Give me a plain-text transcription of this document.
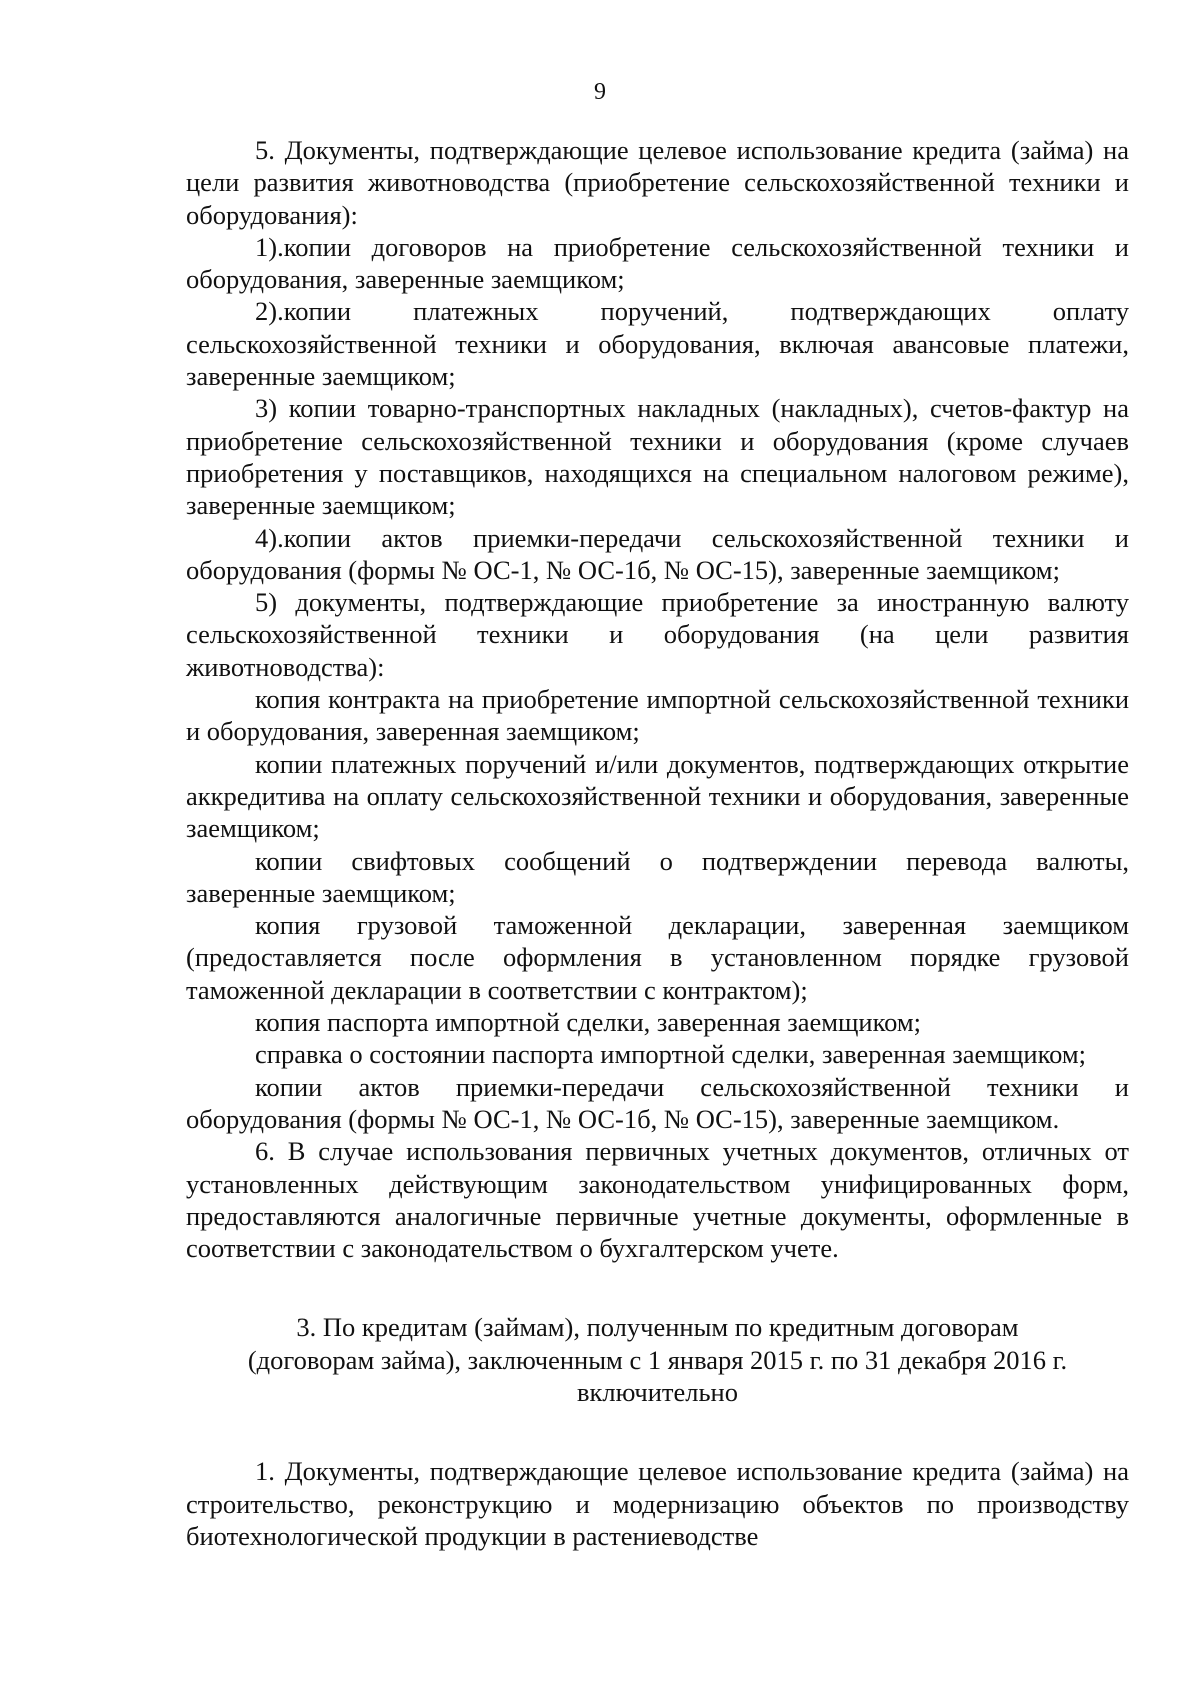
9

5. Документы, подтверждающие целевое использование кредита (займа) на цели развития животноводства (приобретение сельскохозяйственной техники и оборудования):

1).копии договоров на приобретение сельскохозяйственной техники и оборудования, заверенные заемщиком;

2).копии платежных поручений, подтверждающих оплату сельскохозяйственной техники и оборудования, включая авансовые платежи, заверенные заемщиком;

3) копии товарно-транспортных накладных (накладных), счетов-фактур на приобретение сельскохозяйственной техники и оборудования (кроме случаев приобретения у поставщиков, находящихся на специальном налоговом режиме), заверенные заемщиком;

4).копии актов приемки-передачи сельскохозяйственной техники и оборудования (формы № ОС-1, № ОС-1б, № ОС-15), заверенные заемщиком;

5) документы, подтверждающие приобретение за иностранную валюту сельскохозяйственной техники и оборудования (на цели развития животноводства):

копия контракта на приобретение импортной сельскохозяйственной техники и оборудования, заверенная заемщиком;

копии платежных поручений и/или документов, подтверждающих открытие аккредитива на оплату сельскохозяйственной техники и оборудования, заверенные заемщиком;

копии свифтовых сообщений о подтверждении перевода валюты, заверенные заемщиком;

копия грузовой таможенной декларации, заверенная заемщиком (предоставляется после оформления в установленном порядке грузовой таможенной декларации в соответствии с контрактом);

копия паспорта импортной сделки, заверенная заемщиком;

справка о состоянии паспорта импортной сделки, заверенная заемщиком;

копии актов приемки-передачи сельскохозяйственной техники и оборудования (формы № ОС-1, № ОС-1б, № ОС-15), заверенные заемщиком.

6. В случае использования первичных учетных документов, отличных от установленных действующим законодательством унифицированных форм, предоставляются аналогичные первичные учетные документы, оформленные в соответствии с законодательством о бухгалтерском учете.

3. По кредитам (займам), полученным по кредитным договорам
(договорам займа), заключенным с 1 января 2015 г. по 31 декабря 2016 г.
включительно

1. Документы, подтверждающие целевое использование кредита (займа) на строительство, реконструкцию и модернизацию объектов по производству биотехнологической продукции в растениеводстве
